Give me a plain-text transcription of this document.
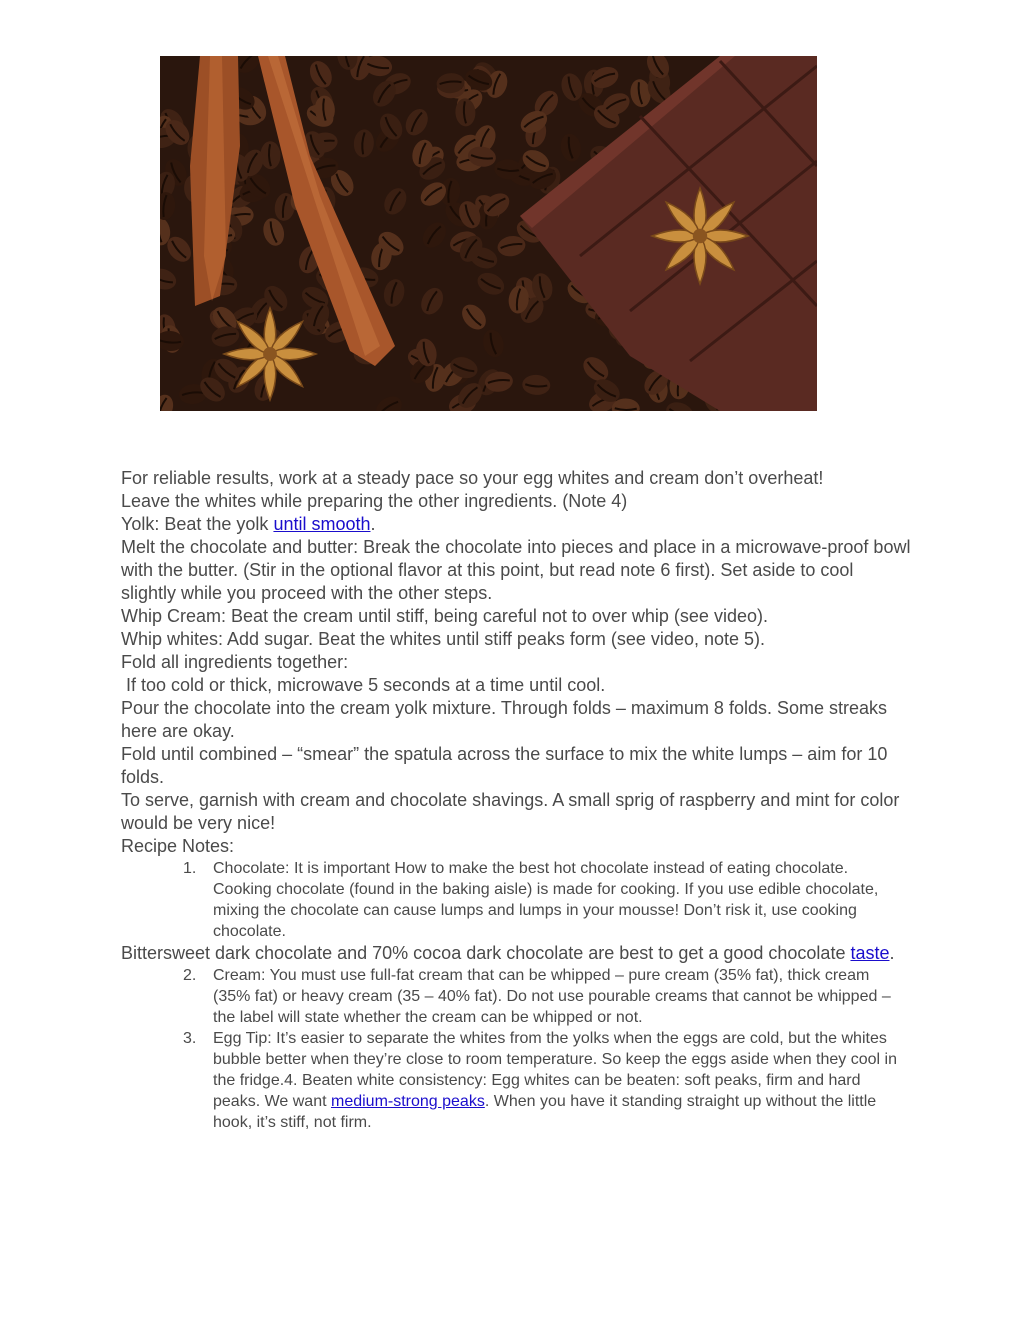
For reliable results, work at a steady pace so your egg whites and cream don’t overheat!

Leave the whites while preparing the other ingredients. (Note 4)

Yolk: Beat the yolk until smooth.

Melt the chocolate and butter: Break the chocolate into pieces and place in a microwave-proof bowl with the butter. (Stir in the optional flavor at this point, but read note 6 first). Set aside to cool slightly while you proceed with the other steps.

Whip Cream: Beat the cream until stiff, being careful not to over whip (see video).

Whip whites: Add sugar. Beat the whites until stiff peaks form (see video, note 5).

Fold all ingredients together:

If too cold or thick, microwave 5 seconds at a time until cool.

Pour the chocolate into the cream yolk mixture. Through folds – maximum 8 folds. Some streaks here are okay.

Fold until combined – “smear” the spatula across the surface to mix the white lumps – aim for 10 folds.

To serve, garnish with cream and chocolate shavings. A small sprig of raspberry and mint for color would be very nice!

Recipe Notes:

1. Chocolate: It is important How to make the best hot chocolate instead of eating chocolate. Cooking chocolate (found in the baking aisle) is made for cooking. If you use edible chocolate, mixing the chocolate can cause lumps and lumps in your mousse! Don’t risk it, use cooking chocolate.

Bittersweet dark chocolate and 70% cocoa dark chocolate are best to get a good chocolate taste.

2. Cream: You must use full-fat cream that can be whipped – pure cream (35% fat), thick cream (35% fat) or heavy cream (35 – 40% fat). Do not use pourable creams that cannot be whipped – the label will state whether the cream can be whipped or not.
3. Egg Tip: It’s easier to separate the whites from the yolks when the eggs are cold, but the whites bubble better when they’re close to room temperature. So keep the eggs aside when they cool in the fridge.4. Beaten white consistency: Egg whites can be beaten: soft peaks, firm and hard peaks. We want medium-strong peaks. When you have it standing straight up without the little hook, it’s stiff, not firm.
